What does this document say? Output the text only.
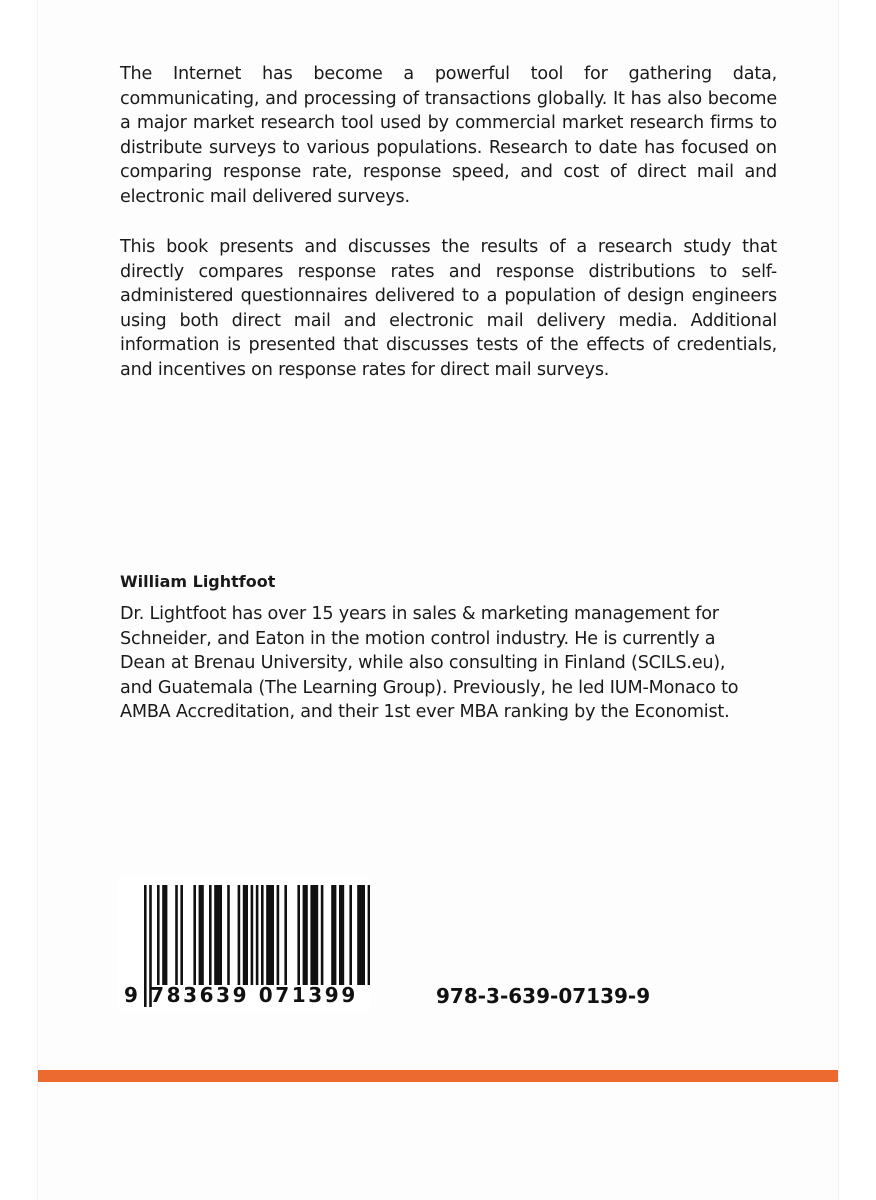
The Internet has become a powerful tool for gathering data, communicating, and processing of transactions globally. It has also become a major market research tool used by commercial market research firms to distribute surveys to various populations. Research to date has focused on comparing response rate, response speed, and cost of direct mail and electronic mail delivered surveys.

This book presents and discusses the results of a research study that directly compares response rates and response distributions to self-administered questionnaires delivered to a population of design engineers using both direct mail and electronic mail delivery media. Additional information is presented that discusses tests of the effects of credentials, and incentives on response rates for direct mail surveys.

William Lightfoot

Dr. Lightfoot has over 15 years in sales & marketing management for Schneider, and Eaton in the motion control industry. He is currently a Dean at Brenau University, while also consulting in Finland (SCILS.eu), and Guatemala (The Learning Group). Previously, he led IUM-Monaco to AMBA Accreditation, and their 1st ever MBA ranking by the Economist.

9 783639 071399	978-3-639-07139-9
